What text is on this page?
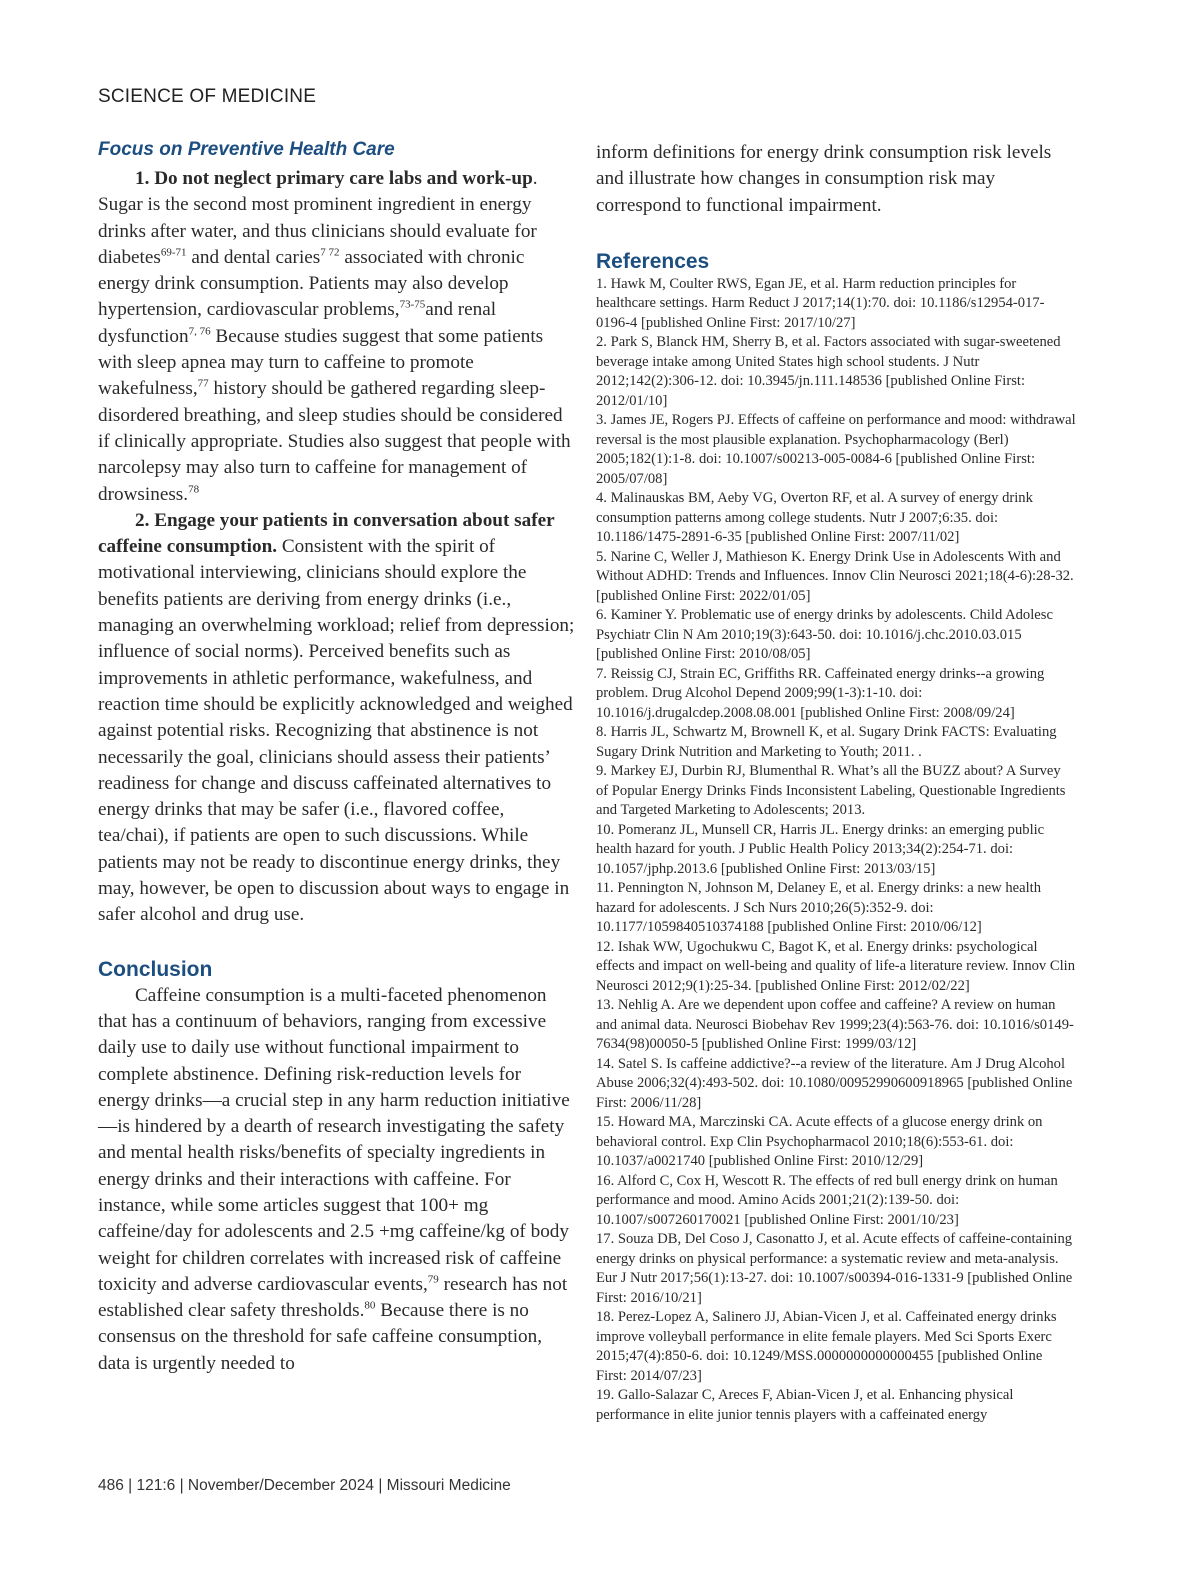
SCIENCE OF MEDICINE
Focus on Preventive Health Care

1. Do not neglect primary care labs and work-up. Sugar is the second most prominent ingredient in energy drinks after water, and thus clinicians should evaluate for diabetes$^{69-71}$ and dental caries$^{7 72}$ associated with chronic energy drink consumption. Patients may also develop hypertension, cardiovascular problems,$^{73-75}$and renal dysfunction$^{7, 76}$ Because studies suggest that some patients with sleep apnea may turn to caffeine to promote wakefulness,$^{77}$ history should be gathered regarding sleep-disordered breathing, and sleep studies should be considered if clinically appropriate. Studies also suggest that people with narcolepsy may also turn to caffeine for management of drowsiness.$^{78}$

2. Engage your patients in conversation about safer caffeine consumption. Consistent with the spirit of motivational interviewing, clinicians should explore the benefits patients are deriving from energy drinks (i.e., managing an overwhelming workload; relief from depression; influence of social norms). Perceived benefits such as improvements in athletic performance, wakefulness, and reaction time should be explicitly acknowledged and weighed against potential risks. Recognizing that abstinence is not necessarily the goal, clinicians should assess their patients’ readiness for change and discuss caffeinated alternatives to energy drinks that may be safer (i.e., flavored coffee, tea/chai), if patients are open to such discussions. While patients may not be ready to discontinue energy drinks, they may, however, be open to discussion about ways to engage in safer alcohol and drug use.

Conclusion

Caffeine consumption is a multi-faceted phenomenon that has a continuum of behaviors, ranging from excessive daily use to daily use without functional impairment to complete abstinence. Defining risk-reduction levels for energy drinks—a crucial step in any harm reduction initiative—is hindered by a dearth of research investigating the safety and mental health risks/benefits of specialty ingredients in energy drinks and their interactions with caffeine. For instance, while some articles suggest that 100+ mg caffeine/day for adolescents and 2.5 +mg caffeine/kg of body weight for children correlates with increased risk of caffeine toxicity and adverse cardiovascular events,$^{79}$ research has not established clear safety thresholds.$^{80}$ Because there is no consensus on the threshold for safe caffeine consumption, data is urgently needed to

inform definitions for energy drink consumption risk levels and illustrate how changes in consumption risk may correspond to functional impairment.

References
1. Hawk M, Coulter RWS, Egan JE, et al. Harm reduction principles for healthcare settings. Harm Reduct J 2017;14(1):70. doi: 10.1186/s12954-017-0196-4 [published Online First: 2017/10/27]
2. Park S, Blanck HM, Sherry B, et al. Factors associated with sugar-sweetened beverage intake among United States high school students. J Nutr 2012;142(2):306-12. doi: 10.3945/jn.111.148536 [published Online First: 2012/01/10]
3. James JE, Rogers PJ. Effects of caffeine on performance and mood: withdrawal reversal is the most plausible explanation. Psychopharmacology (Berl) 2005;182(1):1-8. doi: 10.1007/s00213-005-0084-6 [published Online First: 2005/07/08]
4. Malinauskas BM, Aeby VG, Overton RF, et al. A survey of energy drink consumption patterns among college students. Nutr J 2007;6:35. doi: 10.1186/1475-2891-6-35 [published Online First: 2007/11/02]
5. Narine C, Weller J, Mathieson K. Energy Drink Use in Adolescents With and Without ADHD: Trends and Influences. Innov Clin Neurosci 2021;18(4-6):28-32. [published Online First: 2022/01/05]
6. Kaminer Y. Problematic use of energy drinks by adolescents. Child Adolesc Psychiatr Clin N Am 2010;19(3):643-50. doi: 10.1016/j.chc.2010.03.015 [published Online First: 2010/08/05]
7. Reissig CJ, Strain EC, Griffiths RR. Caffeinated energy drinks--a growing problem. Drug Alcohol Depend 2009;99(1-3):1-10. doi: 10.1016/j.drugalcdep.2008.08.001 [published Online First: 2008/09/24]
8. Harris JL, Schwartz M, Brownell K, et al. Sugary Drink FACTS: Evaluating Sugary Drink Nutrition and Marketing to Youth; 2011. .
9. Markey EJ, Durbin RJ, Blumenthal R. What’s all the BUZZ about? A Survey of Popular Energy Drinks Finds Inconsistent Labeling, Questionable Ingredients and Targeted Marketing to Adolescents; 2013.
10. Pomeranz JL, Munsell CR, Harris JL. Energy drinks: an emerging public health hazard for youth. J Public Health Policy 2013;34(2):254-71. doi: 10.1057/jphp.2013.6 [published Online First: 2013/03/15]
11. Pennington N, Johnson M, Delaney E, et al. Energy drinks: a new health hazard for adolescents. J Sch Nurs 2010;26(5):352-9. doi: 10.1177/1059840510374188 [published Online First: 2010/06/12]
12. Ishak WW, Ugochukwu C, Bagot K, et al. Energy drinks: psychological effects and impact on well-being and quality of life-a literature review. Innov Clin Neurosci 2012;9(1):25-34. [published Online First: 2012/02/22]
13. Nehlig A. Are we dependent upon coffee and caffeine? A review on human and animal data. Neurosci Biobehav Rev 1999;23(4):563-76. doi: 10.1016/s0149-7634(98)00050-5 [published Online First: 1999/03/12]
14. Satel S. Is caffeine addictive?--a review of the literature. Am J Drug Alcohol Abuse 2006;32(4):493-502. doi: 10.1080/00952990600918965 [published Online First: 2006/11/28]
15. Howard MA, Marczinski CA. Acute effects of a glucose energy drink on behavioral control. Exp Clin Psychopharmacol 2010;18(6):553-61. doi: 10.1037/a0021740 [published Online First: 2010/12/29]
16. Alford C, Cox H, Wescott R. The effects of red bull energy drink on human performance and mood. Amino Acids 2001;21(2):139-50. doi: 10.1007/s007260170021 [published Online First: 2001/10/23]
17. Souza DB, Del Coso J, Casonatto J, et al. Acute effects of caffeine-containing energy drinks on physical performance: a systematic review and meta-analysis. Eur J Nutr 2017;56(1):13-27. doi: 10.1007/s00394-016-1331-9 [published Online First: 2016/10/21]
18. Perez-Lopez A, Salinero JJ, Abian-Vicen J, et al. Caffeinated energy drinks improve volleyball performance in elite female players. Med Sci Sports Exerc 2015;47(4):850-6. doi: 10.1249/MSS.0000000000000455 [published Online First: 2014/07/23]
19. Gallo-Salazar C, Areces F, Abian-Vicen J, et al. Enhancing physical performance in elite junior tennis players with a caffeinated energy
486 | 121:6 | November/December 2024 | Missouri Medicine
